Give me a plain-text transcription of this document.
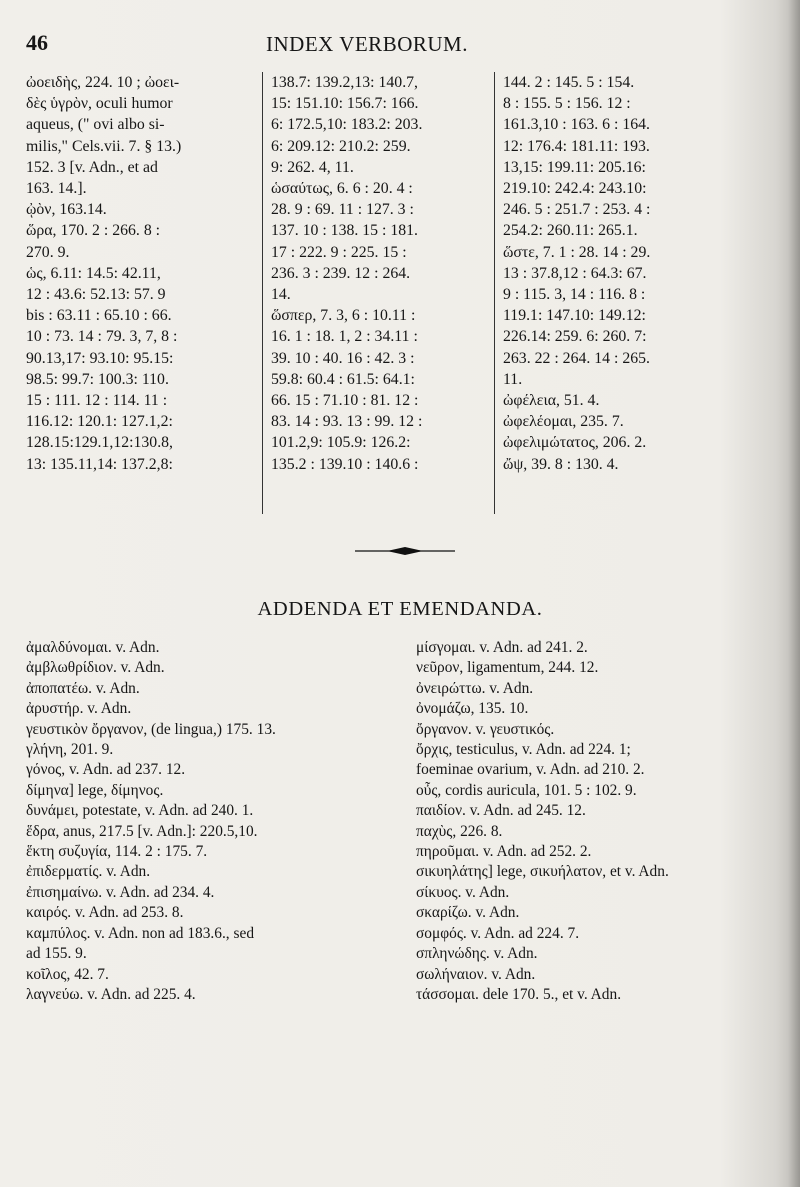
46	INDEX VERBORUM.
ὠοειδὴς, 224. 10 ; ὠοει-
δὲς ὑγρὸν, oculi humor
aqueus, (" ovi albo si-
milis," Cels.vii. 7. § 13.)
152. 3 [v. Adn., et ad
163. 14.].
ᾠὸν, 163.14.
ὥρα, 170. 2 : 266. 8 :
270. 9.
ὡς, 6.11: 14.5: 42.11,
12 : 43.6: 52.13: 57. 9
bis : 63.11 : 65.10 : 66.
10 : 73. 14 : 79. 3, 7, 8 :
90.13,17: 93.10: 95.15:
98.5: 99.7: 100.3: 110.
15 : 111. 12 : 114. 11 :
116.12: 120.1: 127.1,2:
128.15:129.1,12:130.8,
13: 135.11,14: 137.2,8:
138.7: 139.2,13: 140.7,
15: 151.10: 156.7: 166.
6: 172.5,10: 183.2: 203.
6: 209.12: 210.2: 259.
9: 262. 4, 11.
ὡσαύτως, 6. 6 : 20. 4 :
28. 9 : 69. 11 : 127. 3 :
137. 10 : 138. 15 : 181.
17 : 222. 9 : 225. 15 :
236. 3 : 239. 12 : 264.
14.
ὥσπερ, 7. 3, 6 : 10.11 :
16. 1 : 18. 1, 2 : 34.11 :
39. 10 : 40. 16 : 42. 3 :
59.8: 60.4 : 61.5: 64.1:
66. 15 : 71.10 : 81. 12 :
83. 14 : 93. 13 : 99. 12 :
101.2,9: 105.9: 126.2:
135.2 : 139.10 : 140.6 :
144. 2 : 145. 5 : 154.
8 : 155. 5 : 156. 12 :
161.3,10 : 163. 6 : 164.
12: 176.4: 181.11: 193.
13,15: 199.11: 205.16:
219.10: 242.4: 243.10:
246. 5 : 251.7 : 253. 4 :
254.2: 260.11: 265.1.
ὥστε, 7. 1 : 28. 14 : 29.
13 : 37.8,12 : 64.3: 67.
9 : 115. 3, 14 : 116. 8 :
119.1: 147.10: 149.12:
226.14: 259. 6: 260. 7:
263. 22 : 264. 14 : 265.
11.
ὠφέλεια, 51. 4.
ὠφελέομαι, 235. 7.
ὠφελιμώτατος, 206. 2.
ὤψ, 39. 8 : 130. 4.
ADDENDA ET EMENDANDA.
ἀμαλδύνομαι. v. Adn.
ἀμβλωθρίδιον. v. Adn.
ἀποπατέω. v. Adn.
ἀρυστήρ. v. Adn.
γευστικὸν ὄργανον, (de lingua,) 175. 13.
γλήνη, 201. 9.
γόνος, v. Adn. ad 237. 12.
δίμηνα] lege, δίμηνος.
δυνάμει, potestate, v. Adn. ad 240. 1.
ἕδρα, anus, 217.5 [v. Adn.]: 220.5,10.
ἕκτη συζυγία, 114. 2 : 175. 7.
ἐπιδερματίς. v. Adn.
ἐπισημαίνω. v. Adn. ad 234. 4.
καιρός. v. Adn. ad 253. 8.
καμπύλος. v. Adn. non ad 183.6., sed
ad 155. 9.
κοῖλος, 42. 7.
λαγνεύω. v. Adn. ad 225. 4.
μίσγομαι. v. Adn. ad 241. 2.
νεῦρον, ligamentum, 244. 12.
ὀνειρώττω. v. Adn.
ὀνομάζω, 135. 10.
ὄργανον. v. γευστικός.
ὄρχις, testiculus, v. Adn. ad 224. 1;
foeminae ovarium, v. Adn. ad 210. 2.
οὖς, cordis auricula, 101. 5 : 102. 9.
παιδίον. v. Adn. ad 245. 12.
παχὺς, 226. 8.
πηροῦμαι. v. Adn. ad 252. 2.
σικυηλάτης] lege, σικυήλατον, et v. Adn.
σίκυος. v. Adn.
σκαρίζω. v. Adn.
σομφός. v. Adn. ad 224. 7.
σπληνώδης. v. Adn.
σωλήναιον. v. Adn.
τάσσομαι. dele 170. 5., et v. Adn.
